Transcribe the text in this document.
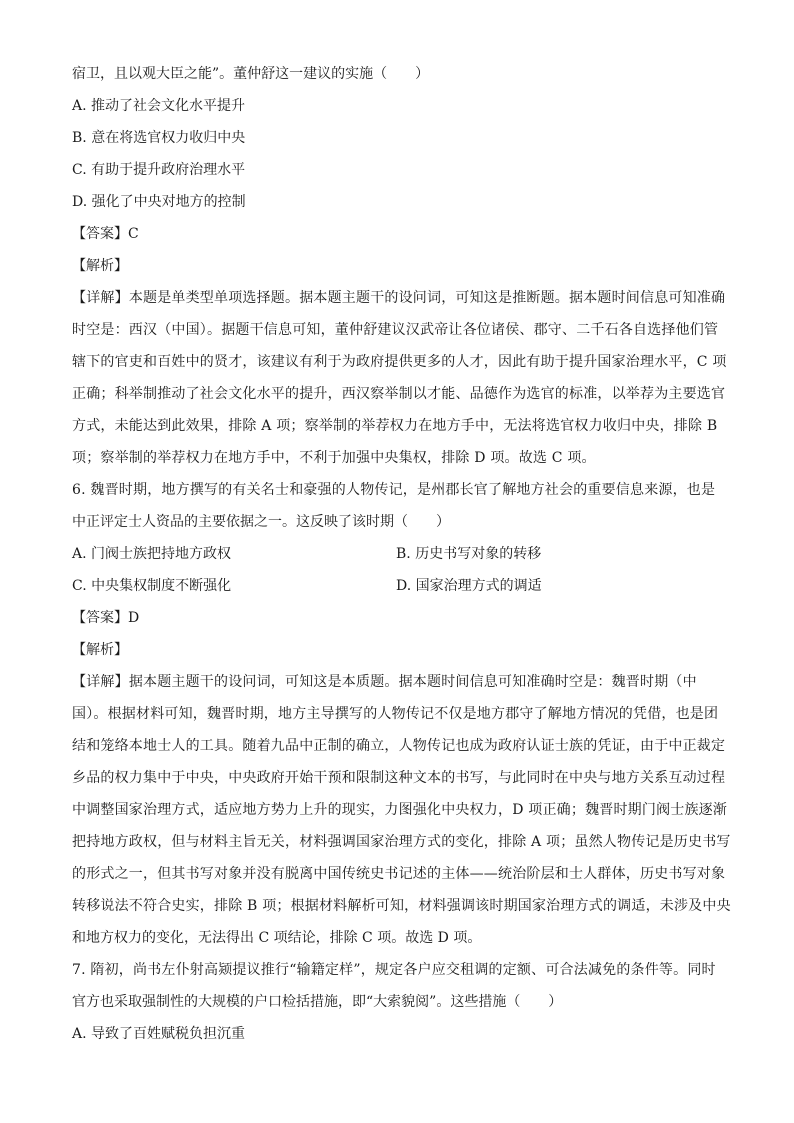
宿卫，且以观大臣之能”。董仲舒这一建议的实施（　　）
A. 推动了社会文化水平提升
B. 意在将选官权力收归中央
C. 有助于提升政府治理水平
D. 强化了中央对地方的控制
【答案】C
【解析】
【详解】本题是单类型单项选择题。据本题主题干的设问词，可知这是推断题。据本题时间信息可知准确
时空是：西汉（中国）。据题干信息可知，董仲舒建议汉武帝让各位诸侯、郡守、二千石各自选择他们管
辖下的官吏和百姓中的贤才，该建议有利于为政府提供更多的人才，因此有助于提升国家治理水平，C 项
正确；科举制推动了社会文化水平的提升，西汉察举制以才能、品德作为选官的标准，以举荐为主要选官
方式，未能达到此效果，排除 A 项；察举制的举荐权力在地方手中，无法将选官权力收归中央，排除 B
项；察举制的举荐权力在地方手中，不利于加强中央集权，排除 D 项。故选 C 项。
6. 魏晋时期，地方撰写的有关名士和豪强的人物传记，是州郡长官了解地方社会的重要信息来源，也是
中正评定士人资品的主要依据之一。这反映了该时期（　　）
A. 门阀士族把持地方政权	B. 历史书写对象的转移
C. 中央集权制度不断强化	D. 国家治理方式的调适
【答案】D
【解析】
【详解】据本题主题干的设问词，可知这是本质题。据本题时间信息可知准确时空是：魏晋时期（中
国）。根据材料可知，魏晋时期，地方主导撰写的人物传记不仅是地方郡守了解地方情况的凭借，也是团
结和笼络本地士人的工具。随着九品中正制的确立，人物传记也成为政府认证士族的凭证，由于中正裁定
乡品的权力集中于中央，中央政府开始干预和限制这种文本的书写，与此同时在中央与地方关系互动过程
中调整国家治理方式，适应地方势力上升的现实，力图强化中央权力，D 项正确；魏晋时期门阀士族逐渐
把持地方政权，但与材料主旨无关，材料强调国家治理方式的变化，排除 A 项；虽然人物传记是历史书写
的形式之一，但其书写对象并没有脱离中国传统史书记述的主体——统治阶层和士人群体，历史书写对象
转移说法不符合史实，排除 B 项；根据材料解析可知，材料强调该时期国家治理方式的调适，未涉及中央
和地方权力的变化，无法得出 C 项结论，排除 C 项。故选 D 项。
7. 隋初，尚书左仆射高颎提议推行“输籍定样”，规定各户应交租调的定额、可合法减免的条件等。同时
官方也采取强制性的大规模的户口检括措施，即“大索貌阅”。这些措施（　　）
A. 导致了百姓赋税负担沉重
